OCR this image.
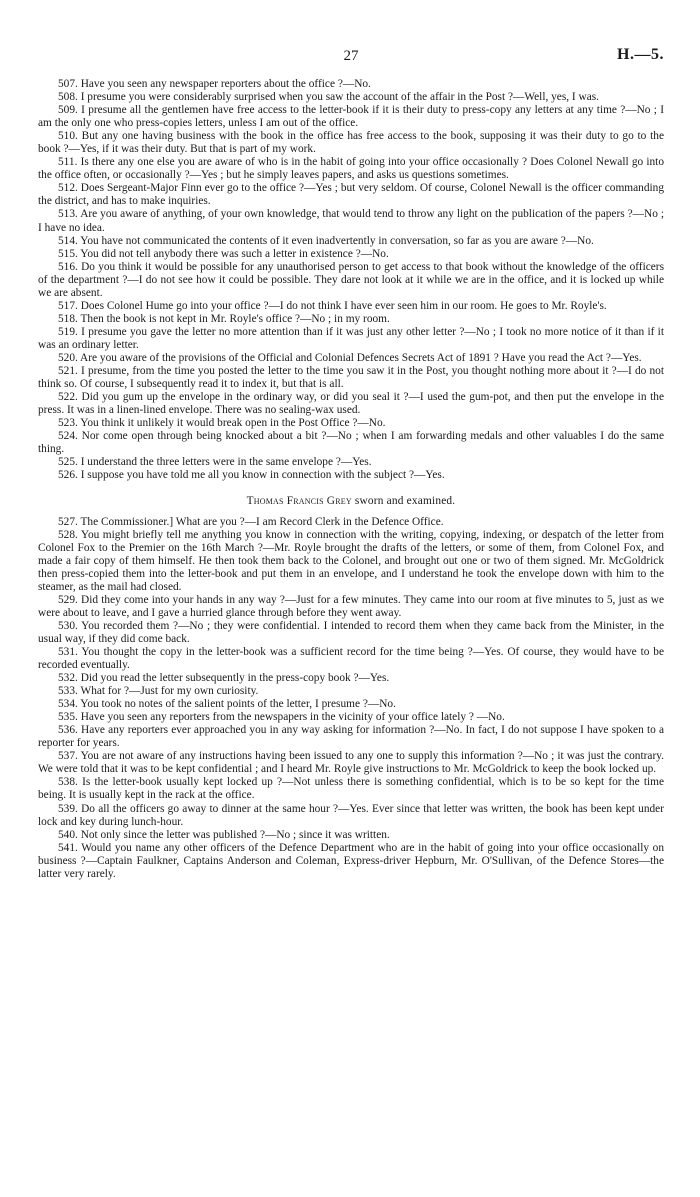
27	H.—5.

507. Have you seen any newspaper reporters about the office ?—No.

508. I presume you were considerably surprised when you saw the account of the affair in the Post ?—Well, yes, I was.

509. I presume all the gentlemen have free access to the letter-book if it is their duty to press-copy any letters at any time ?—No ; I am the only one who press-copies letters, unless I am out of the office.

510. But any one having business with the book in the office has free access to the book, supposing it was their duty to go to the book ?—Yes, if it was their duty. But that is part of my work.

511. Is there any one else you are aware of who is in the habit of going into your office occasionally ? Does Colonel Newall go into the office often, or occasionally ?—Yes ; but he simply leaves papers, and asks us questions sometimes.

512. Does Sergeant-Major Finn ever go to the office ?—Yes ; but very seldom. Of course, Colonel Newall is the officer commanding the district, and has to make inquiries.

513. Are you aware of anything, of your own knowledge, that would tend to throw any light on the publication of the papers ?—No ; I have no idea.

514. You have not communicated the contents of it even inadvertently in conversation, so far as you are aware ?—No.

515. You did not tell anybody there was such a letter in existence ?—No.

516. Do you think it would be possible for any unauthorised person to get access to that book without the knowledge of the officers of the department ?—I do not see how it could be possible. They dare not look at it while we are in the office, and it is locked up while we are absent.

517. Does Colonel Hume go into your office ?—I do not think I have ever seen him in our room. He goes to Mr. Royle's.

518. Then the book is not kept in Mr. Royle's office ?—No ; in my room.

519. I presume you gave the letter no more attention than if it was just any other letter ?—No ; I took no more notice of it than if it was an ordinary letter.

520. Are you aware of the provisions of the Official and Colonial Defences Secrets Act of 1891 ? Have you read the Act ?—Yes.

521. I presume, from the time you posted the letter to the time you saw it in the Post, you thought nothing more about it ?—I do not think so. Of course, I subsequently read it to index it, but that is all.

522. Did you gum up the envelope in the ordinary way, or did you seal it ?—I used the gum-pot, and then put the envelope in the press. It was in a linen-lined envelope. There was no sealing-wax used.

523. You think it unlikely it would break open in the Post Office ?—No.

524. Nor come open through being knocked about a bit ?—No ; when I am forwarding medals and other valuables I do the same thing.

525. I understand the three letters were in the same envelope ?—Yes.

526. I suppose you have told me all you know in connection with the subject ?—Yes.

Thomas Francis Grey sworn and examined.

527. The Commissioner.] What are you ?—I am Record Clerk in the Defence Office.

528. You might briefly tell me anything you know in connection with the writing, copying, indexing, or despatch of the letter from Colonel Fox to the Premier on the 16th March ?—Mr. Royle brought the drafts of the letters, or some of them, from Colonel Fox, and made a fair copy of them himself. He then took them back to the Colonel, and brought out one or two of them signed. Mr. McGoldrick then press-copied them into the letter-book and put them in an envelope, and I understand he took the envelope down with him to the steamer, as the mail had closed.

529. Did they come into your hands in any way ?—Just for a few minutes. They came into our room at five minutes to 5, just as we were about to leave, and I gave a hurried glance through before they went away.

530. You recorded them ?—No ; they were confidential. I intended to record them when they came back from the Minister, in the usual way, if they did come back.

531. You thought the copy in the letter-book was a sufficient record for the time being ?—Yes. Of course, they would have to be recorded eventually.

532. Did you read the letter subsequently in the press-copy book ?—Yes.

533. What for ?—Just for my own curiosity.

534. You took no notes of the salient points of the letter, I presume ?—No.

535. Have you seen any reporters from the newspapers in the vicinity of your office lately ? —No.

536. Have any reporters ever approached you in any way asking for information ?—No. In fact, I do not suppose I have spoken to a reporter for years.

537. You are not aware of any instructions having been issued to any one to supply this information ?—No ; it was just the contrary. We were told that it was to be kept confidential ; and I heard Mr. Royle give instructions to Mr. McGoldrick to keep the book locked up.

538. Is the letter-book usually kept locked up ?—Not unless there is something confidential, which is to be so kept for the time being. It is usually kept in the rack at the office.

539. Do all the officers go away to dinner at the same hour ?—Yes. Ever since that letter was written, the book has been kept under lock and key during lunch-hour.

540. Not only since the letter was published ?—No ; since it was written.

541. Would you name any other officers of the Defence Department who are in the habit of going into your office occasionally on business ?—Captain Faulkner, Captains Anderson and Coleman, Express-driver Hepburn, Mr. O'Sullivan, of the Defence Stores—the latter very rarely.
